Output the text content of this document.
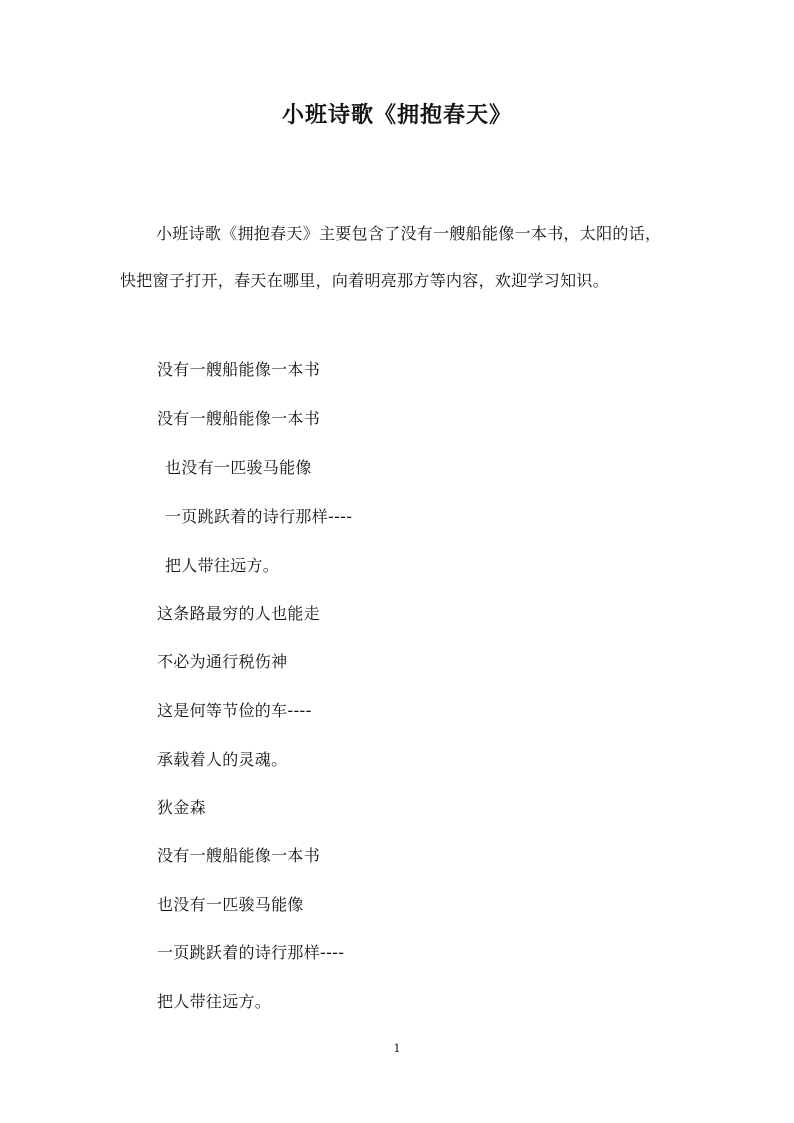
小班诗歌《拥抱春天》

小班诗歌《拥抱春天》主要包含了没有一艘船能像一本书，太阳的话，快把窗子打开，春天在哪里，向着明亮那方等内容，欢迎学习知识。

没有一艘船能像一本书
没有一艘船能像一本书
也没有一匹骏马能像
一页跳跃着的诗行那样----
把人带往远方。
这条路最穷的人也能走
不必为通行税伤神
这是何等节俭的车----
承载着人的灵魂。
狄金森
没有一艘船能像一本书
也没有一匹骏马能像
一页跳跃着的诗行那样----
把人带往远方。
1
